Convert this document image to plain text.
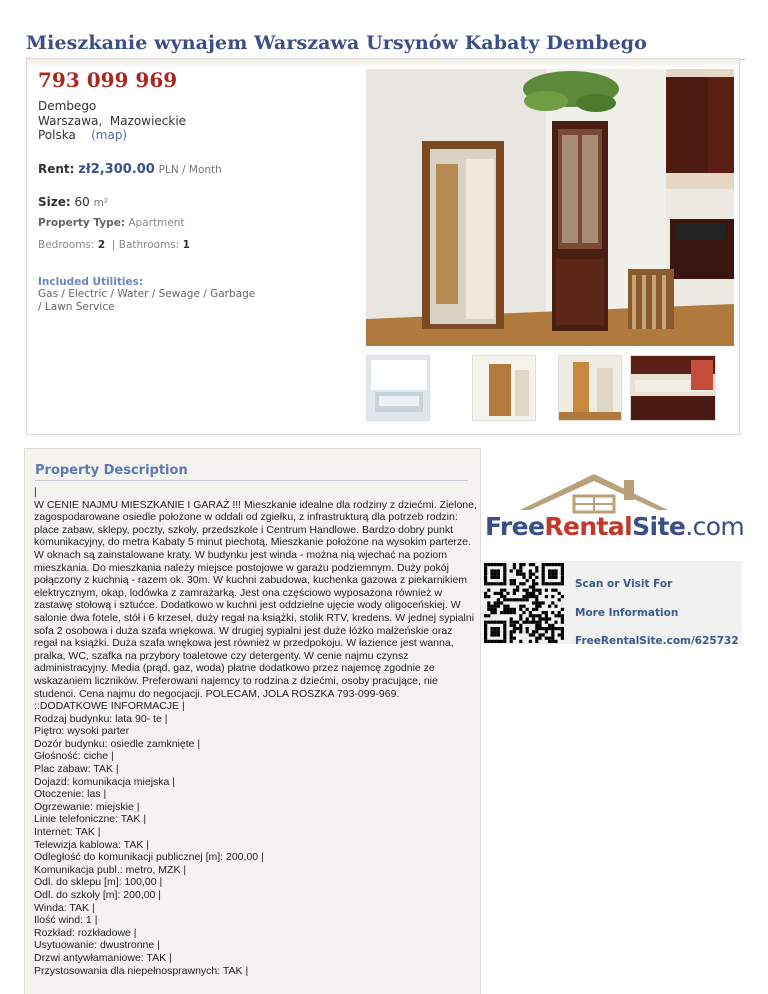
Mieszkanie wynajem Warszawa Ursynów Kabaty Dembego
793 099 969
Dembego
Warszawa,  Mazowieckie
Polska (map)
Rent: zł2,300.00 PLN / Month
Size: 60 m²
Property Type: Apartment
Bedrooms: 2 | Bathrooms: 1
Included Utilities:
Gas / Electric / Water / Sewage / Garbage / Lawn Service
Property Description
|
W CENIE NAJMU MIESZKANIE I GARAŻ !!! Mieszkanie idealne dla rodziny z dziećmi. Zielone,
zagospodarowane osiedle położone w oddali od zgiełku, z infrastrukturą dla potrzeb rodzin:
place zabaw, sklepy, poczty, szkoły, przedszkole i Centrum Handlowe. Bardzo dobry punkt
komunikacyjny, do metra Kabaty 5 minut piechotą. Mieszkanie położone na wysokim parterze.
W oknach są zainstalowane kraty. W budynku jest winda - można nią wjechać na poziom
mieszkania. Do mieszkania należy miejsce postojowe w garażu podziemnym. Duży pokój
połączony z kuchnią - razem ok. 30m. W kuchni zabudowa, kuchenka gazowa z piekarnikiem
elektrycznym, okap, lodówka z zamrażarką. Jest ona częściowo wyposażona również w
zastawę stołową i sztućce. Dodatkowo w kuchni jest oddzielne ujęcie wody oligoceńskiej. W
salonie dwa fotele, stół i 6 krzeseł, duży regał na książki, stolik RTV, kredens. W jednej sypialni
sofa 2 osobowa i duża szafa wnękowa. W drugiej sypialni jest duże łóżko małżeńskie oraz
regał na książki. Duża szafa wnękowa jest również w przedpokoju. W łazience jest wanna,
pralka, WC, szafka na przybory toaletowe czy detergenty. W cenie najmu czynsz
administracyjny. Media (prąd, gaz, woda) płatne dodatkowo przez najemcę zgodnie ze
wskazaniem liczników. Preferowani najemcy to rodzina z dziećmi, osoby pracujące, nie
studenci. Cena najmu do negocjacji. POLECAM, JOLA ROSZKA 793-099-969.
::DODATKOWE INFORMACJE |
Rodzaj budynku: lata 90- te |
Piętro: wysoki parter
Dozór budynku: osiedle zamknięte |
Głośność: ciche |
Plac zabaw: TAK |
Dojazd: komunikacja miejska |
Otoczenie: las |
Ogrzewanie: miejskie |
Linie telefoniczne: TAK |
Internet: TAK |
Telewizja kablowa: TAK |
Odległość do komunikacji publicznej [m]: 200,00 |
Komunikacja publ.: metro, MZK |
Odl. do sklepu [m]: 100,00 |
Odl. do szkoły [m]: 200,00 |
Winda: TAK |
Ilość wind: 1 |
Rozkład: rozkładowe |
Usytuowanie: dwustronne |
Drzwi antywłamaniowe: TAK |
Przystosowania dla niepełnosprawnych: TAK |
FreeRentalSite.com
Scan or Visit For
More Information
FreeRentalSite.com/625732
